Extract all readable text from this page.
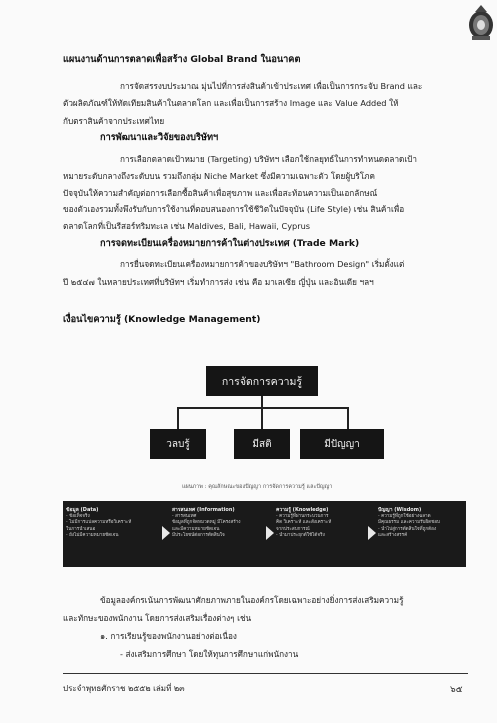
แผนงานด้านการตลาดเพื่อสร้าง Global Brand ในอนาคต
การจัดสรรงบประมาณ มุ่นไปที่การส่งสินค้าเข้าประเทศ เพื่อเป็นการกระจับ Brand และ
ตัวผลิตภัณฑ์ให้ทัดเทียมสินค้าในตลาดโลก และเพื่อเป็นการสร้าง Image และ Value Added ให้
กับตราสินค้าจากประเทศไทย
การพัฒนาและวิจัยของบริษัทฯ
การเลือกตลาดเป้าหมาย (Targeting) บริษัทฯ เลือกใช้กลยุทธ์ในการทำหนดตลาดเป้า
หมายระดับกลางถึงระดับบน รวมถึงกลุ่ม Niche Market ซึ่งมีความเฉพาะตัว โดยผู้บริโภค
ปัจจุบันให้ความสำคัญต่อการเลือกซื้อสินค้าเพื่อสุขภาพ และเพื่อสะท้อนความเป็นเอกลักษณ์
ของตัวเองรวมทั้งพึงรับกับการใช้งานที่ตอบสนองการใช้ชีวิตในปัจจุบัน (Life Style) เช่น สินค้าเพื่อ
ตลาดโลกที่เป็นรีสอร์ทริมทะเล เช่น Maldives, Bali, Hawaii, Cyprus
การจดทะเบียนเครื่องหมายการค้าในต่างประเทศ (Trade Mark)
การยื่นจดทะเบียนเครื่องหมายการค้าของบริษัทฯ "Bathroom Design" เริ่มตั้งแต่
ปี ๒๕๔๗ ในหลายประเทศที่บริษัทฯ เริ่มทำการส่ง เช่น คือ มาเลเซีย ญี่ปุ่น และอินเดีย ฯลฯ
เงื่อนไขความรู้ (Knowledge Management)
การจัดการความรู้
วลบรู้	มีสติ	มีปัญญา
แผนภาพ : คุณลักษณะของปัญญา การจัดการความรู้ และปัญญา
ข้อมูล (Data)
- ข้อเท็จจริง
- ไม่มีการแปลความหรือวิเคราะห์
ในการนำเสนอ
- ยังไม่มีความหมายชัดเจน
สารสนเทศ (Information)
- สารสนเทศ
ข้อมูลที่ถูกจัดหมวดหมู่ มีโครงสร้าง
และมีความหมายชัดเจน
มีประโยชน์ต่อการตัดสินใจ
ความรู้ (Knowledge)
- ความรู้ที่ผ่านกระบวนการ
คิด วิเคราะห์ และสังเคราะห์
จากประสบการณ์
- นำมาประยุกต์ใช้ได้จริง
ปัญญา (Wisdom)
- ความรู้ที่ถูกใช้อย่างฉลาด
มีคุณธรรม และความรับผิดชอบ
- นำไปสู่การตัดสินใจที่ถูกต้อง
และสร้างสรรค์
ข้อมูลองค์กรเน้นการพัฒนาศักยภาพภายในองค์กรโดยเฉพาะอย่างยิ่งการส่งเสริมความรู้
และทักษะของพนักงาน โดยการส่งเสริมเรื่องต่างๆ เช่น
๑. การเรียนรู้ของพนักงานอย่างต่อเนื่อง
- ส่งเสริมการศึกษา โดยให้ทุนการศึกษาแก่พนักงาน
ประจำพุทธศักราช ๒๕๕๒ เล่มที่ ๒๓	๖๕
